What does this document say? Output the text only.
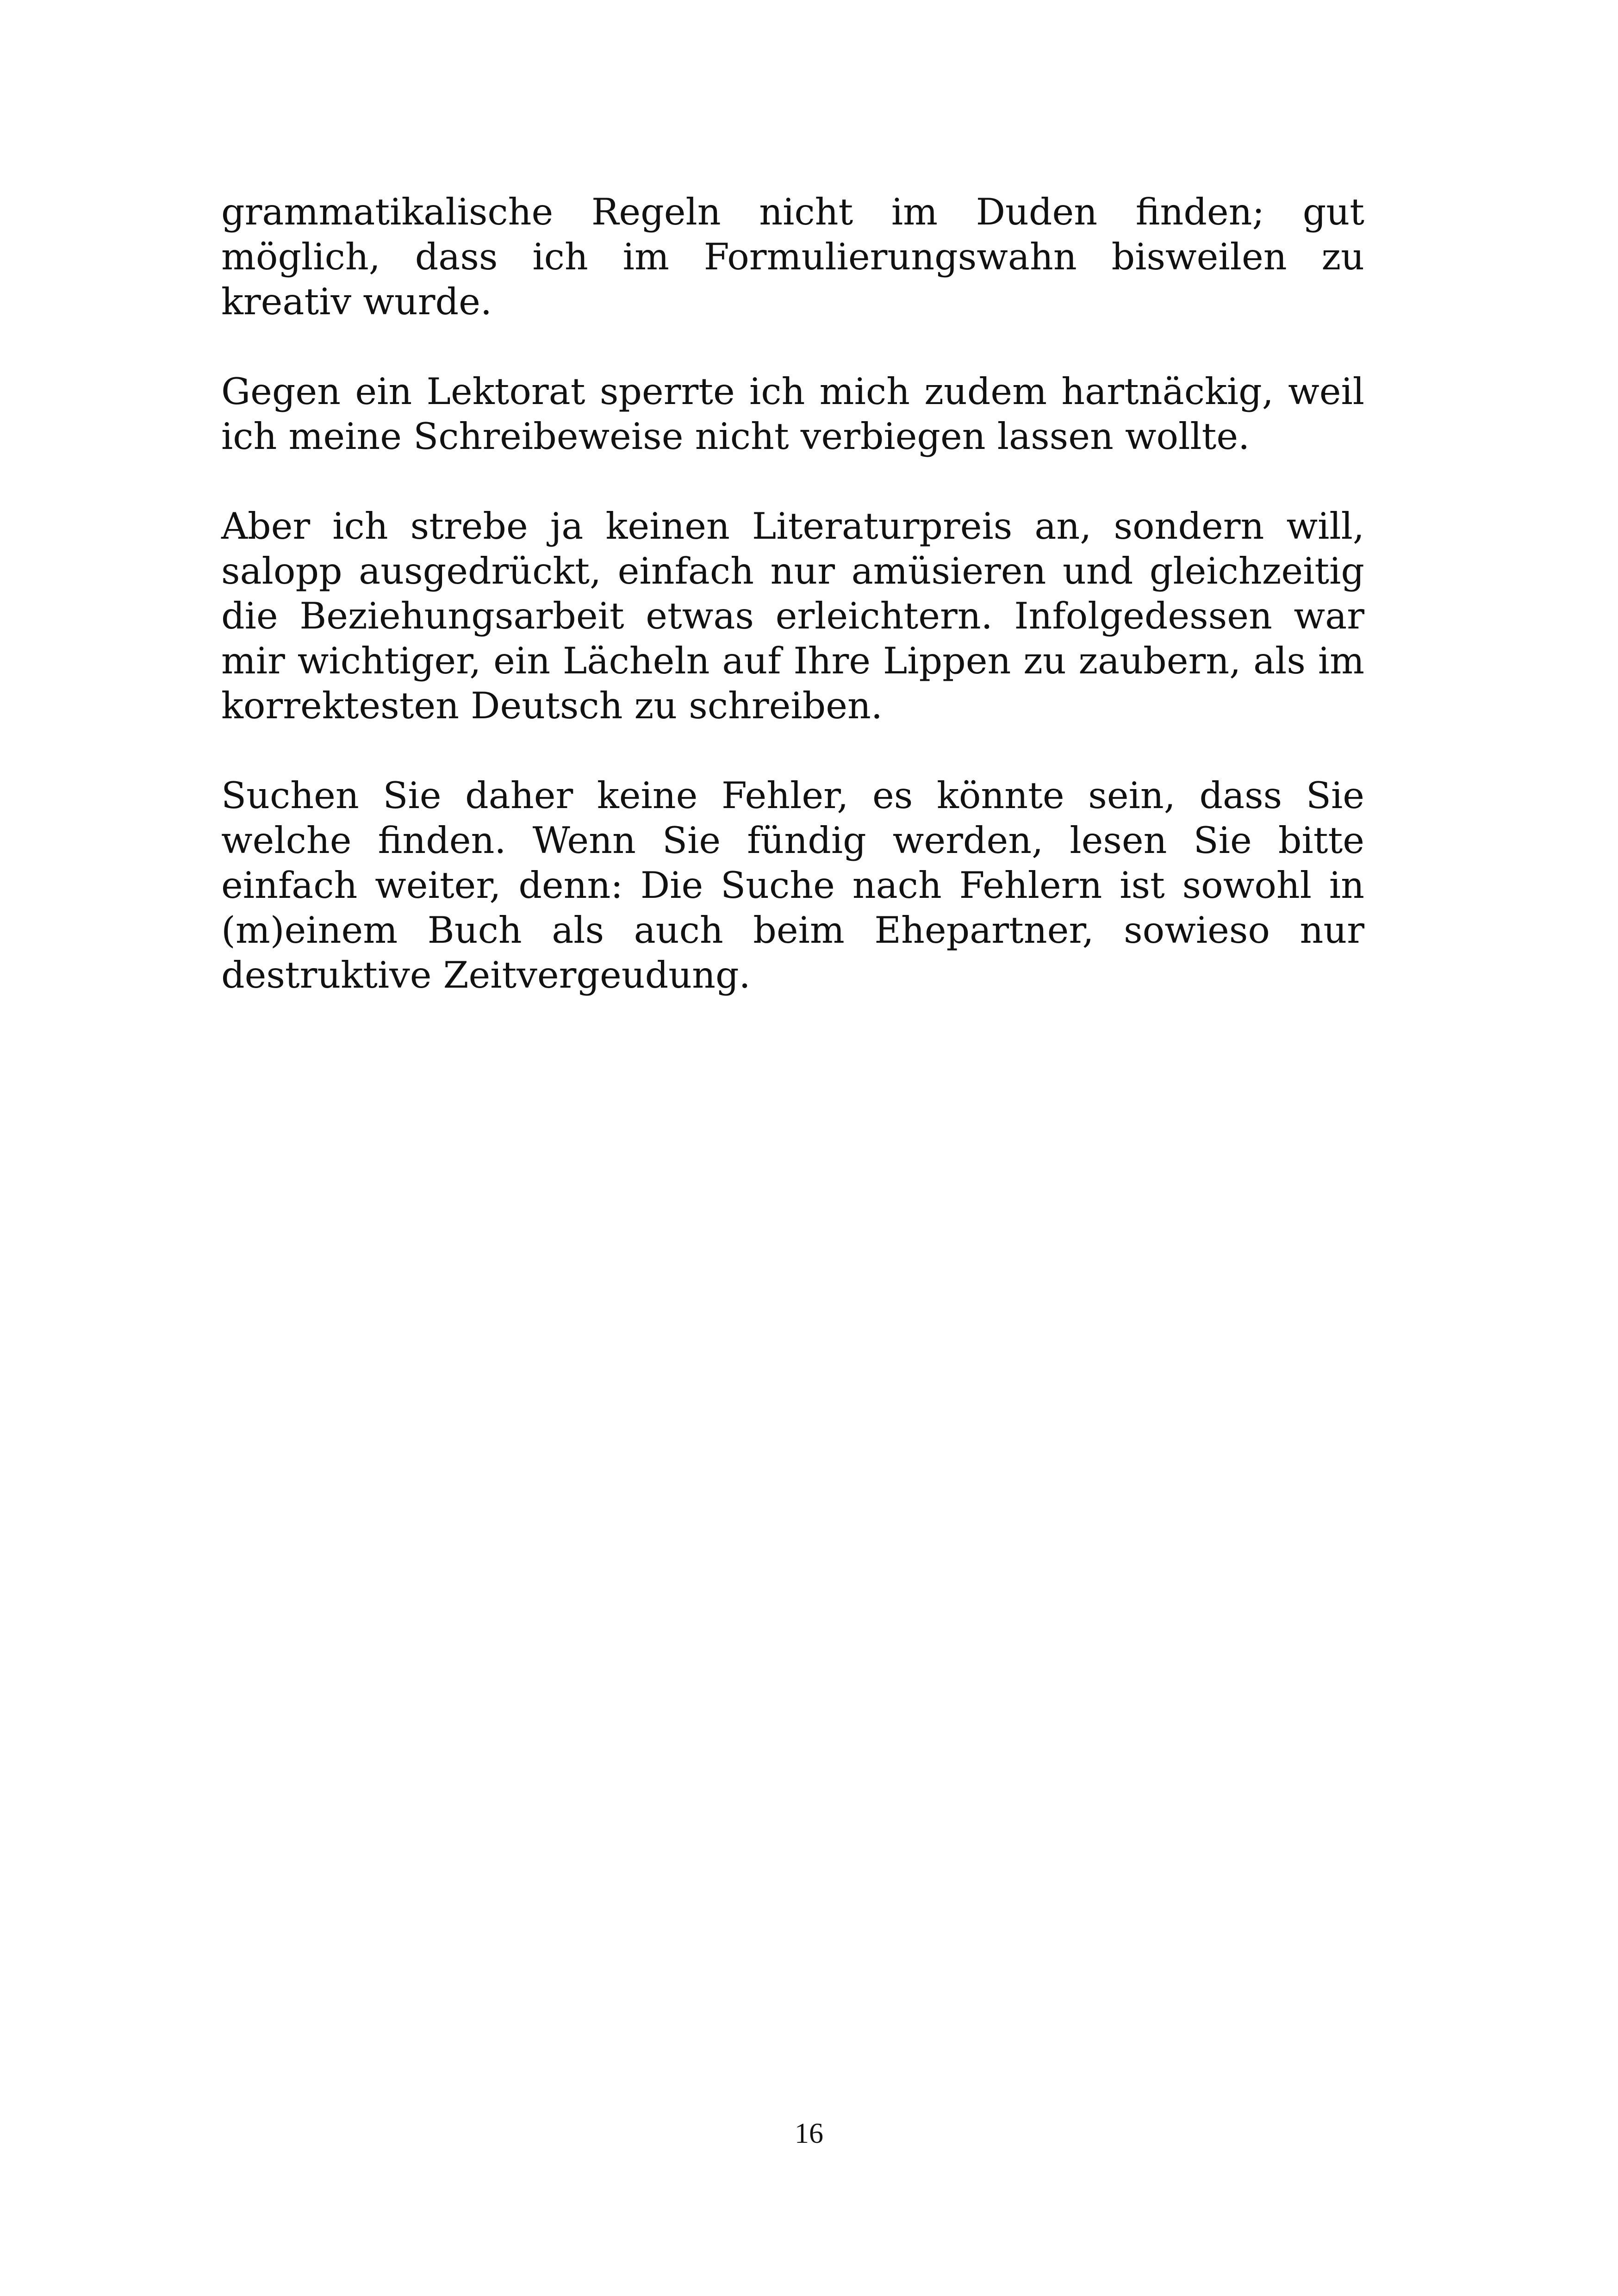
grammatikalische Regeln nicht im Duden finden; gut möglich, dass ich im Formulierungswahn bisweilen zu kreativ wurde.

Gegen ein Lektorat sperrte ich mich zudem hartnäckig, weil ich meine Schreibeweise nicht verbiegen lassen wollte.

Aber ich strebe ja keinen Literaturpreis an, sondern will, salopp ausgedrückt, einfach nur amüsieren und gleichzeitig die Beziehungsarbeit etwas erleichtern. Infolgedessen war mir wichtiger, ein Lächeln auf Ihre Lippen zu zaubern, als im korrektesten Deutsch zu schreiben.

Suchen Sie daher keine Fehler, es könnte sein, dass Sie welche finden. Wenn Sie fündig werden, lesen Sie bitte einfach weiter, denn: Die Suche nach Fehlern ist sowohl in (m)einem Buch als auch beim Ehepartner, sowieso nur destruktive Zeitvergeudung.

16
